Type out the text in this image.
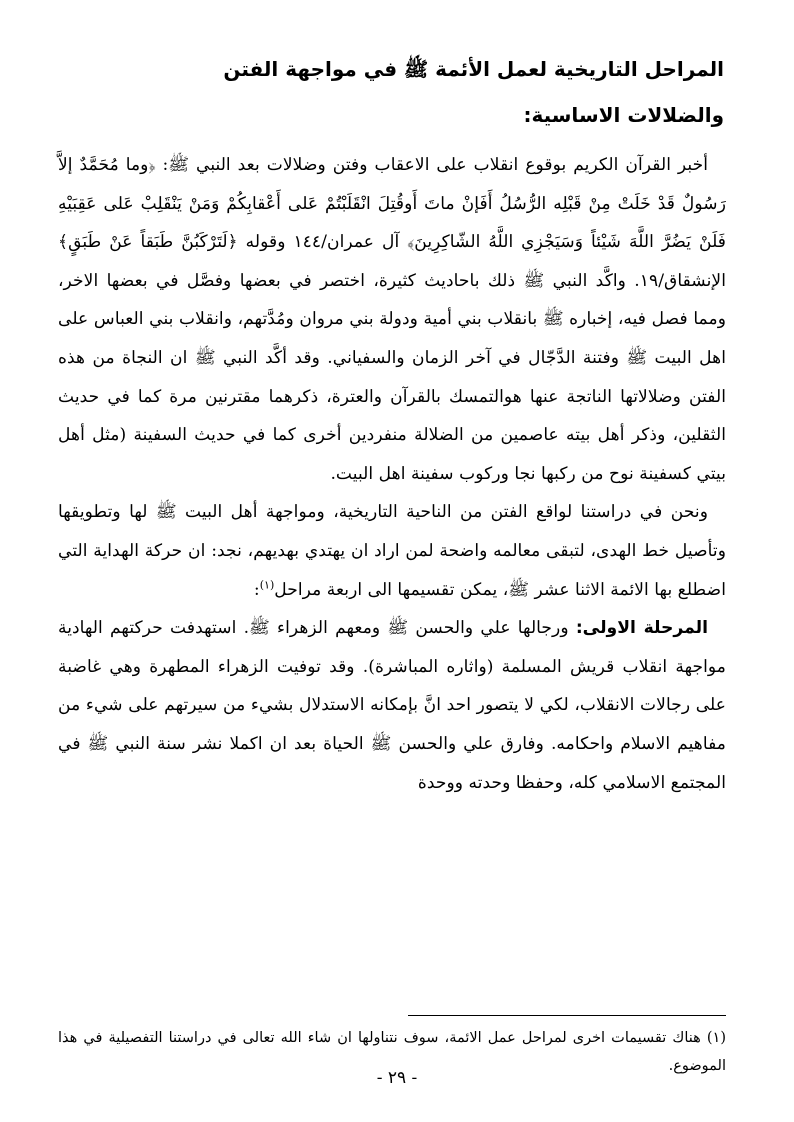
المراحل التاريخية لعمل الأئمة ﷺ في مواجهة الفتن
والضلالات الاساسية:

أخبر القرآن الكريم بوقوع انقلاب على الاعقاب وفتن وضلالات بعد النبي ﷺ: ﴿وما مُحَمَّدٌ إلاَّ رَسُولٌ قَدْ خَلَتْ مِنْ قَبْلِه الرُّسُلُ أَفَإنْ ماتَ أَوقُتِلَ انْقَلَبْتُمْ عَلى أَعْقابِكُمْ وَمَنْ يَنْقَلِبْ عَلى عَقِبَيْهِ فَلَنْ يَضُرَّ اللَّهَ شَيْئاً وَسَيَجْزِي اللَّهُ الشّاكِرِينَ﴾ آل عمران/١٤٤ وقوله ﴿لَتَرْكَبُنَّ طَبَقاً عَنْ طَبَقٍ﴾ الإنشقاق/١٩. واكَّد النبي ﷺ ذلك باحاديث كثيرة، اختصر في بعضها وفصَّل في بعضها الاخر، ومما فصل فيه، إخباره ﷺ بانقلاب بني أمية ودولة بني مروان ومُدَّتهم، وانقلاب بني العباس على اهل البيت ﷺ وفتنة الدَّجّال في آخر الزمان والسفياني. وقد أكَّد النبي ﷺ ان النجاة من هذه الفتن وضلالاتها الناتجة عنها هوالتمسك بالقرآن والعترة، ذكرهما مقترنين مرة كما في حديث الثقلين، وذكر أهل بيته عاصمين من الضلالة منفردين أخرى كما في حديث السفينة (مثل أهل بيتي كسفينة نوح من ركبها نجا وركوب سفينة اهل البيت.

ونحن في دراستنا لواقع الفتن من الناحية التاريخية، ومواجهة أهل البيت ﷺ لها وتطويقها وتأصيل خط الهدى، لتبقى معالمه واضحة لمن اراد ان يهتدي بهديهم، نجد: ان حركة الهداية التي اضطلع بها الائمة الاثنا عشر ﷺ، يمكن تقسيمها الى اربعة مراحل$^{(١)}$:

المرحلة الاولى: ورجالها علي والحسن ﷺ ومعهم الزهراء ﷺ. استهدفت حركتهم الهادية مواجهة انقلاب قريش المسلمة (واثاره المباشرة). وقد توفيت الزهراء المطهرة وهي غاضبة على رجالات الانقلاب، لكي لا يتصور احد انَّ بإمكانه الاستدلال بشيء من سيرتهم على شيء من مفاهيم الاسلام واحكامه. وفارق علي والحسن ﷺ الحياة بعد ان اكملا نشر سنة النبي ﷺ في المجتمع الاسلامي كله، وحفظا وحدته ووحدة

(١) هناك تقسيمات اخرى لمراحل عمل الائمة، سوف نتناولها ان شاء الله تعالى في دراستنا التفصيلية في هذا الموضوع.
- ٢٩ -
